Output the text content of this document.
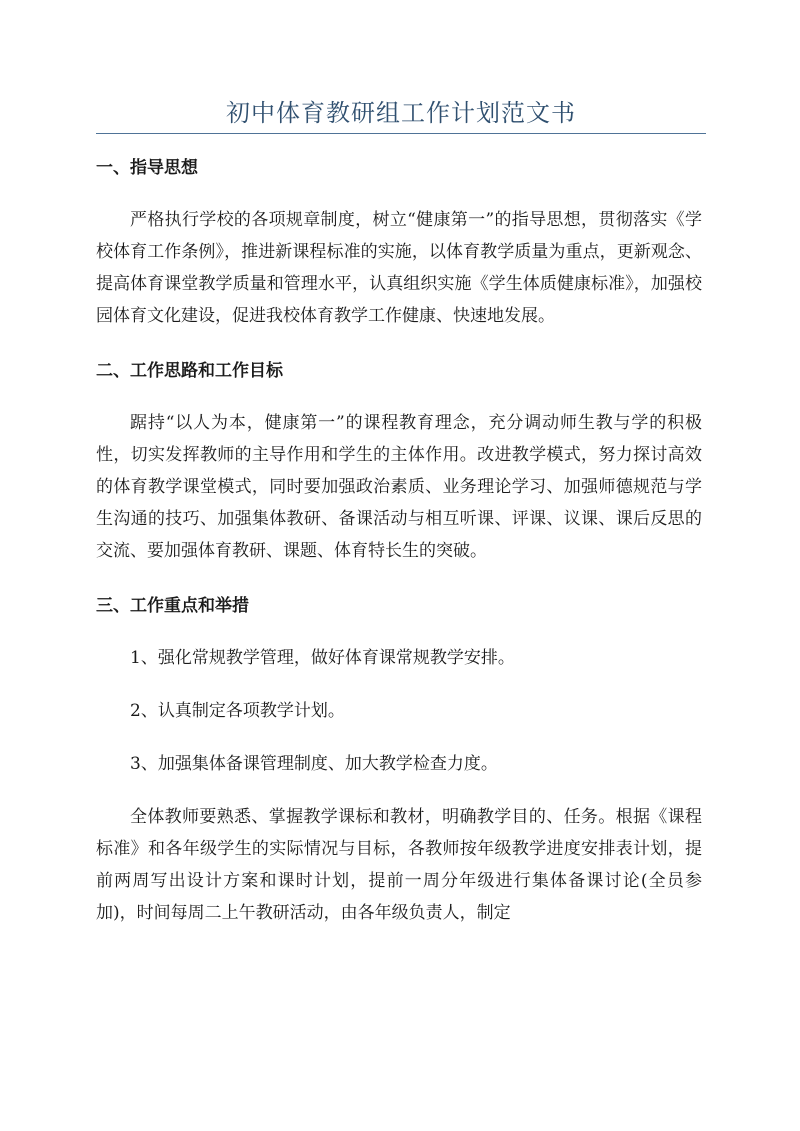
初中体育教研组工作计划范文书

一、指导思想

严格执行学校的各项规章制度，树立“健康第一”的指导思想，贯彻落实《学校体育工作条例》，推进新课程标准的实施，以体育教学质量为重点，更新观念、提高体育课堂教学质量和管理水平，认真组织实施《学生体质健康标准》，加强校园体育文化建设，促进我校体育教学工作健康、快速地发展。

二、工作思路和工作目标

踞持“以人为本，健康第一”的课程教育理念，充分调动师生教与学的积极性，切实发挥教师的主导作用和学生的主体作用。改进教学模式，努力探讨高效的体育教学课堂模式，同时要加强政治素质、业务理论学习、加强师德规范与学生沟通的技巧、加强集体教研、备课活动与相互听课、评课、议课、课后反思的交流、要加强体育教研、课题、体育特长生的突破。

三、工作重点和举措

1、强化常规教学管理，做好体育课常规教学安排。

2、认真制定各项教学计划。

3、加强集体备课管理制度、加大教学检查力度。

全体教师要熟悉、掌握教学课标和教材，明确教学目的、任务。根据《课程标准》和各年级学生的实际情况与目标，各教师按年级教学进度安排表计划，提前两周写出设计方案和课时计划，提前一周分年级进行集体备课讨论(全员参加)，时间每周二上午教研活动，由各年级负责人，制定
